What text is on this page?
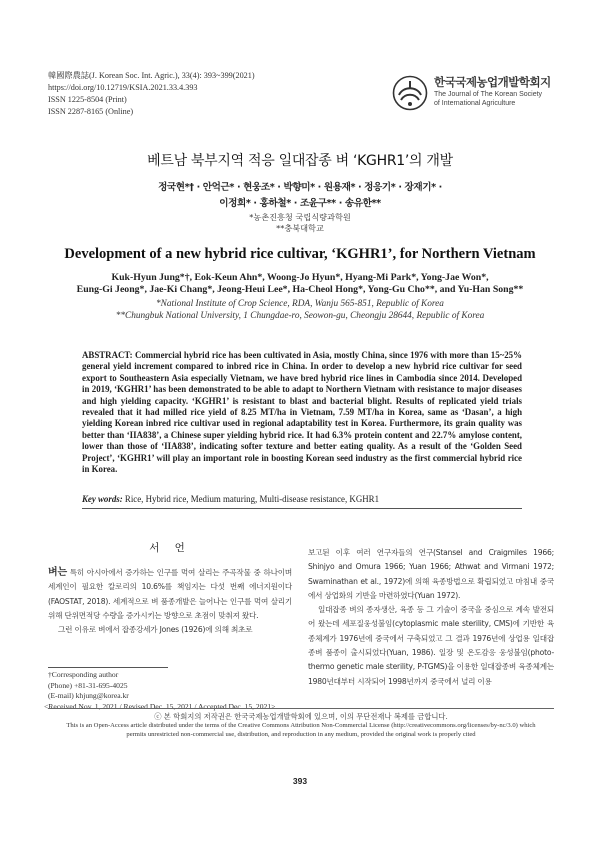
韓國際農誌(J. Korean Soc. Int. Agric.), 33(4): 393~399(2021)
https://doi.org/10.12719/KSIA.2021.33.4.393
ISSN 1225-8504 (Print)
ISSN 2287-8165 (Online)
한국국제농업개발학회지
The Journal of The Korean Society
of International Agriculture
베트남 북부지역 적응 일대잡종 벼 ‘KGHR1’의 개발
정국현*† · 안억근* · 현웅조* · 박향미* · 원용재* · 정응기* · 장재기* ·
이정희* · 홍하철* · 조윤구** · 송유한**
*농촌진흥청 국립식량과학원
**충북대학교
Development of a new hybrid rice cultivar, ‘KGHR1’, for Northern Vietnam
Kuk-Hyun Jung*†, Eok-Keun Ahn*, Woong-Jo Hyun*, Hyang-Mi Park*, Yong-Jae Won*,
Eung-Gi Jeong*, Jae-Ki Chang*, Jeong-Heui Lee*, Ha-Cheol Hong*, Yong-Gu Cho**, and Yu-Han Song**
*National Institute of Crop Science, RDA, Wanju 565-851, Republic of Korea
**Chungbuk National University, 1 Chungdae-ro, Seowon-gu, Cheongju 28644, Republic of Korea
ABSTRACT: Commercial hybrid rice has been cultivated in Asia, mostly China, since 1976 with more than 15~25% general yield increment compared to inbred rice in China. In order to develop a new hybrid rice cultivar for seed export to Southeastern Asia especially Vietnam, we have bred hybrid rice lines in Cambodia since 2014. Developed in 2019, ‘KGHR1’ has been demonstrated to be able to adapt to Northern Vietnam with resistance to major diseases and high yielding capacity. ‘KGHR1’ is resistant to blast and bacterial blight. Results of replicated yield trials revealed that it had milled rice yield of 8.25 MT/ha in Vietnam, 7.59 MT/ha in Korea, same as ‘Dasan’, a high yielding Korean inbred rice cultivar used in regional adaptability test in Korea. Furthermore, its grain quality was better than ‘IIA838’, a Chinese super yielding hybrid rice. It had 6.3% protein content and 22.7% amylose content, lower than those of ‘IIA838’, indicating softer texture and better eating quality. As a result of the ‘Golden Seed Project’, ‘KGHR1’ will play an important role in boosting Korean seed industry as the first commercial hybrid rice in Korea.
Key words: Rice, Hybrid rice, Medium maturing, Multi-disease resistance, KGHR1
서 언

벼는 특히 아시아에서 증가하는 인구를 먹여 살리는 주곡작물 중 하나이며 세계인이 필요한 칼로리의 10.6%를 책임지는 다섯 번째 에너지원이다(FAOSTAT, 2018). 세계적으로 벼 품종개발은 늘어나는 인구를 먹여 살리기 위해 단위면적당 수량을 증가시키는 방향으로 초점이 맞춰져 왔다.

그런 이유로 벼에서 잡종강세가 Jones (1926)에 의해 최초로

보고된 이후 여러 연구자들의 연구(Stansel and Craigmiles 1966; Shinjyo and Omura 1966; Yuan 1966; Athwat and Virmani 1972; Swaminathan et al., 1972)에 의해 육종방법으로 확립되었고 마침내 중국에서 상업화의 기반을 마련하였다(Yuan 1972).

일대잡종 벼의 종자생산, 육종 등 그 기술이 중국을 중심으로 계속 발전되어 왔는데 세포질웅성불임(cytoplasmic male sterility, CMS)에 기반한 육종체계가 1976년에 중국에서 구축되었고 그 결과 1976년에 상업용 일대잡종벼 품종이 출시되었다(Yuan, 1986). 일장 및 온도감응 웅성불임(photo-thermo genetic male sterility, P-TGMS)을 이용한 일대잡종벼 육종체계는 1980년대부터 시작되어 1998년까지 중국에서 널리 이용

†Corresponding author
(Phone) +81-31-695-4025
(E-mail) khjung@korea.kr
<Received Nov. 1, 2021 / Revised Dec. 15, 2021 / Accepted Dec. 15, 2021>
ⓒ 본 학회지의 저작권은 한국국제농업개발학회에 있으며, 이의 무단전재나 복제를 금합니다.
This is an Open-Access article distributed under the terms of the Creative Commons Attribution Non-Commercial License (http://creativecommons.org/licenses/by-nc/3.0) which
permits unrestricted non-commercial use, distribution, and reproduction in any medium, provided the original work is properly cited
393
